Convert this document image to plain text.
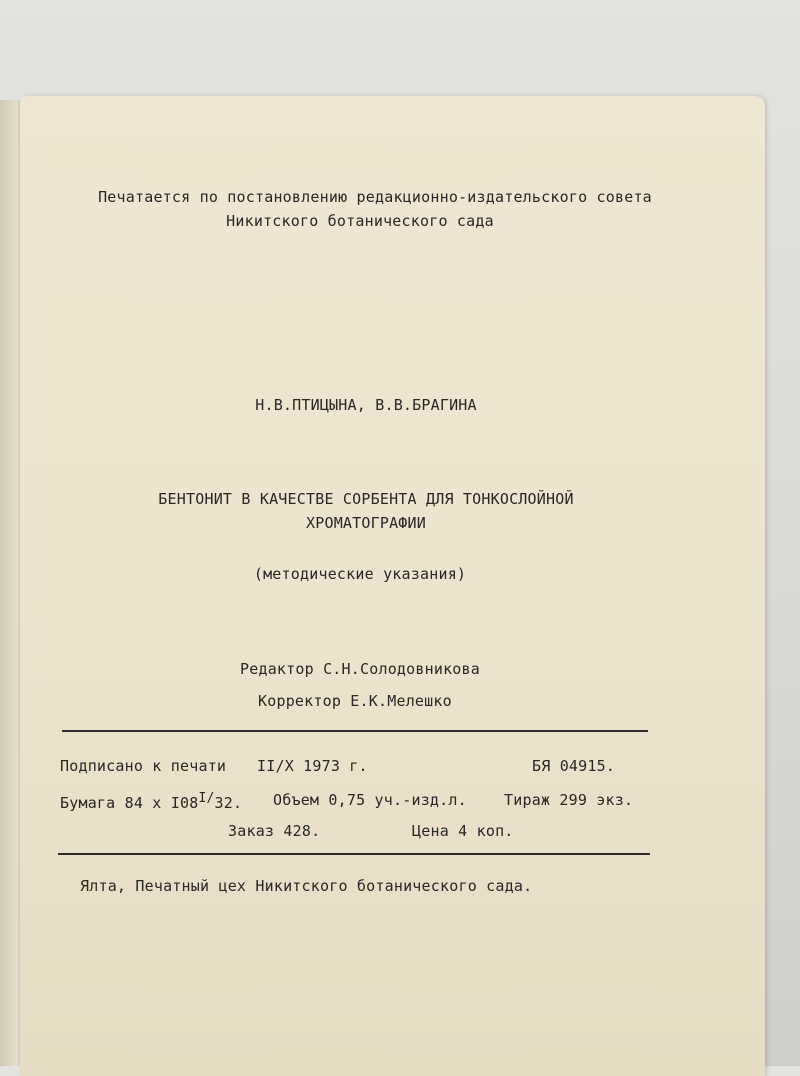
Печатается по постановлению редакционно-издательского совета
Никитского ботанического сада
Н.В.ПТИЦЫНА, В.В.БРАГИНА
БЕНТОНИТ В КАЧЕСТВЕ СОРБЕНТА ДЛЯ ТОНКОСЛОЙНОЙ
ХРОМАТОГРАФИИ
(методические указания)
Редактор С.Н.Солодовникова
Корректор Е.К.Мелешко
Подписано к печати II/X 1973 г.	БЯ 04915.
Бумага 84 х $I08^{I/}32$. Объем 0,75 уч.-изд.л. Тираж 299 экз.
Заказ 428.	Цена 4 коп.
Ялта, Печатный цех Никитского ботанического сада.
